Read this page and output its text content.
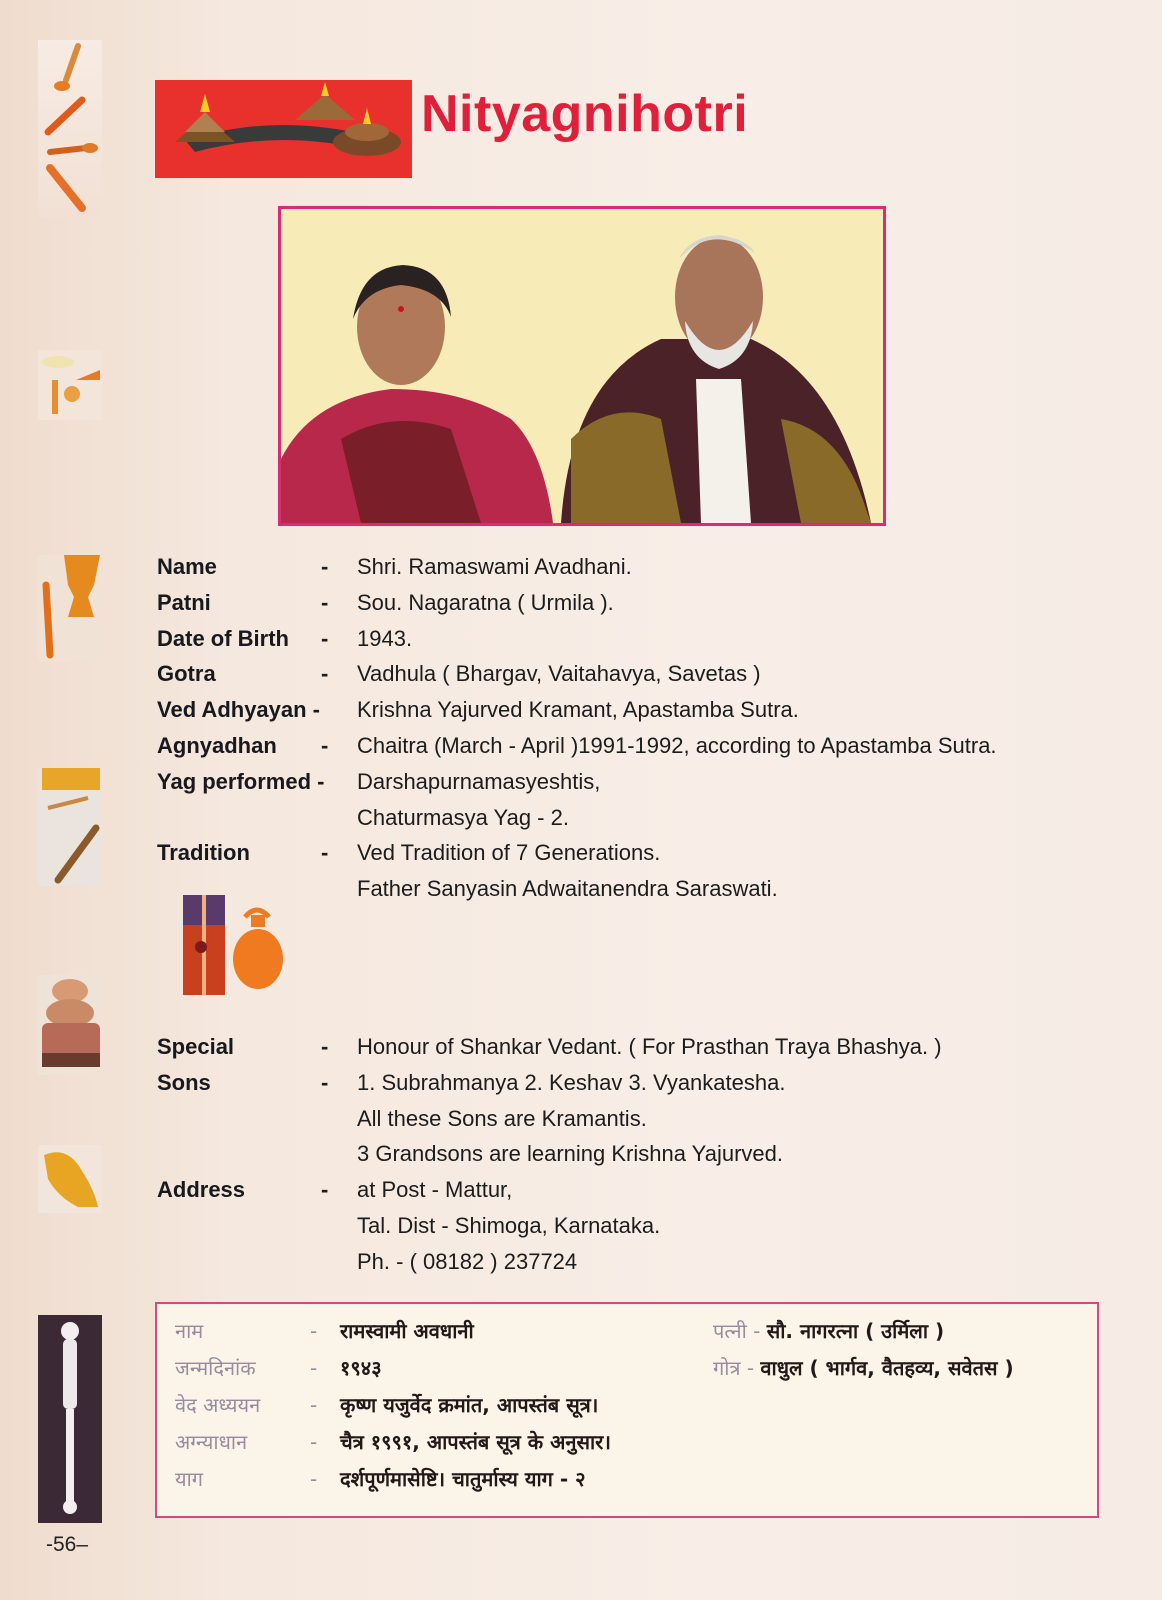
Nityagnihotri
Name	- Shri. Ramaswami Avadhani.
Patni	- Sou. Nagaratna ( Urmila ).
Date of Birth - 1943.
Gotra	- Vadhula ( Bhargav, Vaitahavya, Savetas )
Ved Adhyayan - Krishna Yajurved Kramant, Apastamba Sutra.
Agnyadhan - Chaitra (March - April )1991-1992, according to Apastamba Sutra.
Yag performed - Darshapurnamasyeshtis,
Chaturmasya Yag - 2.
Tradition	- Ved Tradition of 7 Generations.
Father Sanyasin Adwaitanendra Saraswati.
Special	- Honour of Shankar Vedant. ( For Prasthan Traya Bhashya. )
Sons	- 1. Subrahmanya 2. Keshav 3. Vyankatesha.
All these Sons are Kramantis.
3 Grandsons are learning Krishna Yajurved.
Address	- at Post - Mattur,
Tal. Dist - Shimoga, Karnataka.
Ph. - ( 08182 ) 237724
नाम	- रामस्वामी अवधानी
जन्मदिनांक	- १९४३
वेद अध्ययन - कृष्ण यजुर्वेद क्रमांत, आपस्तंब सूत्र।
अग्न्याधान	- चैत्र १९९१, आपस्तंब सूत्र के अनुसार।
याग	- दर्शपूर्णमासेष्टि। चातुर्मास्य याग - २
पत्नी - सौ. नागरत्ना ( उर्मिला )
गोत्र - वाधुल ( भार्गव, वैतहव्य, सवेतस )
-56–
